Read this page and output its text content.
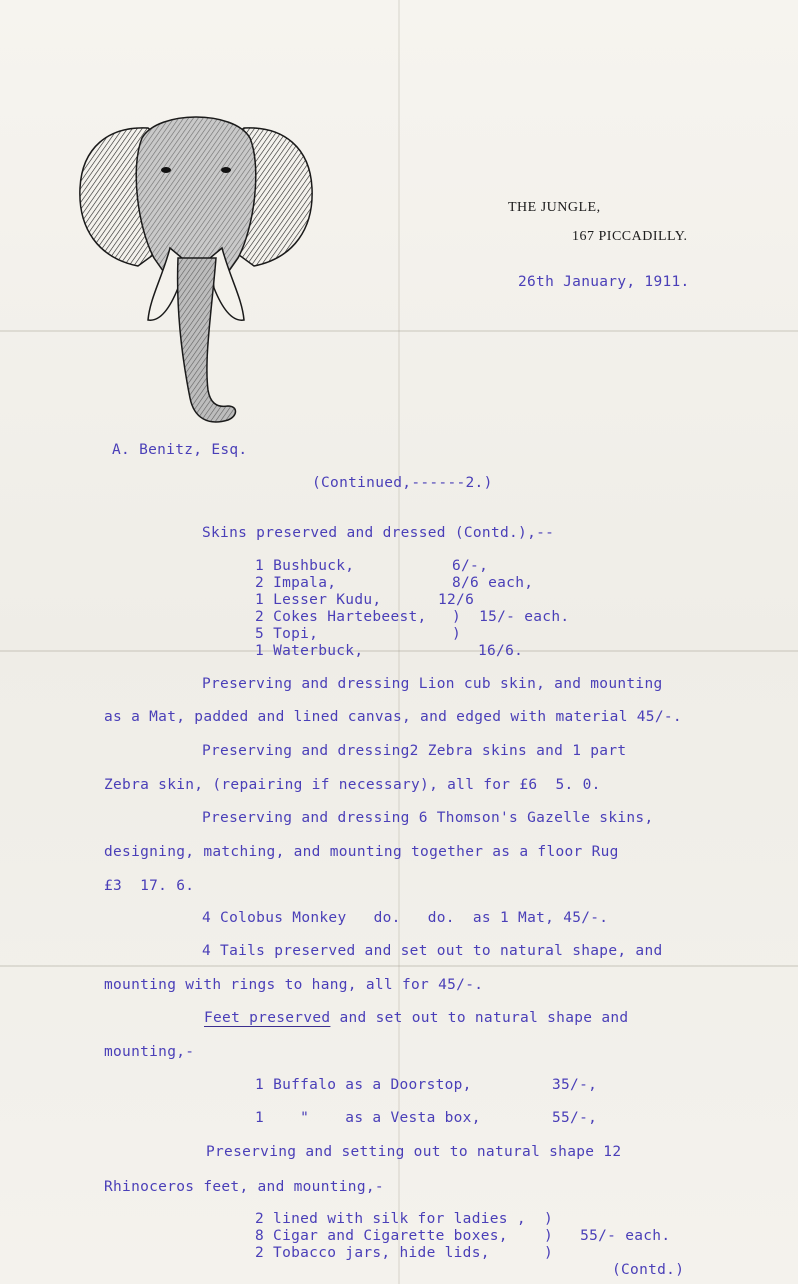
THE JUNGLE,
167 PICCADILLY.
26th January, 1911.
A. Benitz, Esq.
(Continued,------2.)
Skins preserved and dressed (Contd.),--
1 Bushbuck,	6/-,
2 Impala,	8/6 each,
1 Lesser Kudu,	12/6
2 Cokes Hartebeest, )  15/- each.
5 Topi,	)
1 Waterbuck,	16/6.
Preserving and dressing Lion cub skin, and mounting
as a Mat, padded and lined canvas, and edged with material 45/-.
Preserving and dressing2 Zebra skins and 1 part
Zebra skin, (repairing if necessary), all for £6  5. 0.
Preserving and dressing 6 Thomson's Gazelle skins,
designing, matching, and mounting together as a floor Rug
£3  17. 6.
4 Colobus Monkey   do.   do.  as 1 Mat, 45/-.
4 Tails preserved and set out to natural shape, and
mounting with rings to hang, all for 45/-.
Feet preserved and set out to natural shape and
mounting,-
1 Buffalo as a Doorstop,	35/-,
1    "    as a Vesta box,	55/-,
Preserving and setting out to natural shape 12
Rhinoceros feet, and mounting,-
2 lined with silk for ladies ,  )
8 Cigar and Cigarette boxes,    )   55/- each.
2 Tobacco jars, hide lids,      )
(Contd.)
